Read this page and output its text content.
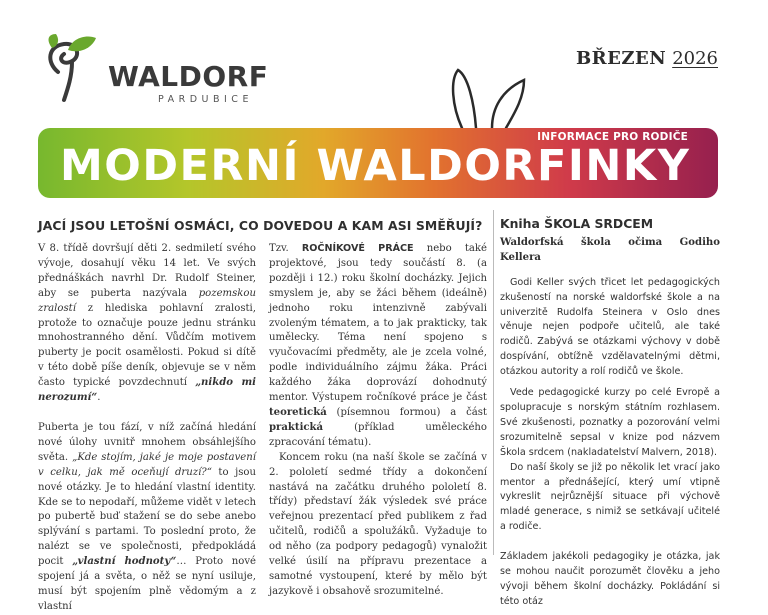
WALDORF
PARDUBICE
BŘEZEN 2026
INFORMACE PRO RODIČE
MODERNÍ WALDORFINKY
JACÍ JSOU LETOŠNÍ OSMÁCI, CO DOVEDOU A KAM ASI SMĚŘUJÍ?

V 8. třídě dovršují děti 2. sedmiletí svého vývoje, dosahují věku 14 let. Ve svých přednáškách navrhl Dr. Rudolf Steiner, aby se puberta nazývala pozemskou zralostí z hlediska pohlavní zralosti, protože to označuje pouze jednu stránku mnohostranného dění. Vůdčím motivem puberty je pocit osamělosti. Pokud si dítě v této době píše deník, objevuje se v něm často typické povzdechnutí „nikdo mi nerozumí“.

Puberta je tou fází, v níž začíná hledání nové úlohy uvnitř mnohem obsáhlejšího světa. „Kde stojím, jaké je moje postavení v celku, jak mě oceňují druzí?“ to jsou nové otázky. Je to hledání vlastní identity. Kde se to nepodaří, můžeme vidět v letech po pubertě buď stažení se do sebe anebo splývání s partami. To poslední proto, že nalézt se ve společnosti, předpokládá pocit „vlastní hodnoty“… Proto nové spojení já a světa, o něž se nyní usiluje, musí být spojením plně vědomým a z vlastní

Tzv. ROČNÍKOVÉ PRÁCE nebo také projektové, jsou tedy součástí 8. (a později i 12.) roku školní docházky. Jejich smyslem je, aby se žáci během (ideálně) jednoho roku intenzivně zabývali zvoleným tématem, a to jak prakticky, tak umělecky. Téma není spojeno s vyučovacími předměty, ale je zcela volné, podle individuálního zájmu žáka. Práci každého žáka doprovází dohodnutý mentor. Výstupem ročníkové práce je část teoretická (písemnou formou) a část praktická (příklad uměleckého zpracování tématu).

Koncem roku (na naší škole se začíná v 2. pololetí sedmé třídy a dokončení nastává na začátku druhého pololetí 8. třídy) představí žák výsledek své práce veřejnou prezentací před publikem z řad učitelů, rodičů a spolužáků. Vyžaduje to od něho (za podpory pedagogů) vynaložit velké úsilí na přípravu prezentace a samotné vystoupení, které by mělo být jazykově i obsahově srozumitelné.

Kniha ŠKOLA SRDCEM
Waldorfská škola očima Godiho Kellera

Godi Keller svých třicet let pedagogických zkušeností na norské waldorfské škole a na univerzitě Rudolfa Steinera v Oslo dnes věnuje nejen podpoře učitelů, ale také rodičů. Zabývá se otázkami výchovy v době dospívání, obtížně vzdělavatelnými dětmi, otázkou autority a rolí rodičů ve škole.

Vede pedagogické kurzy po celé Evropě a spolupracuje s norským státním rozhlasem. Své zkušenosti, poznatky a pozorování velmi srozumitelně sepsal v knize pod názvem Škola srdcem (nakladatelství Malvern, 2018).

Do naší školy se již po několik let vrací jako mentor a přednášející, který umí vtipně vykreslit nejrůznější situace při výchově mladé generace, s nimiž se setkávají učitelé a rodiče.

Základem jakékoli pedagogiky je otázka, jak se mohou naučit porozumět člověku a jeho vývoji během školní docházky. Pokládání si této otáz
